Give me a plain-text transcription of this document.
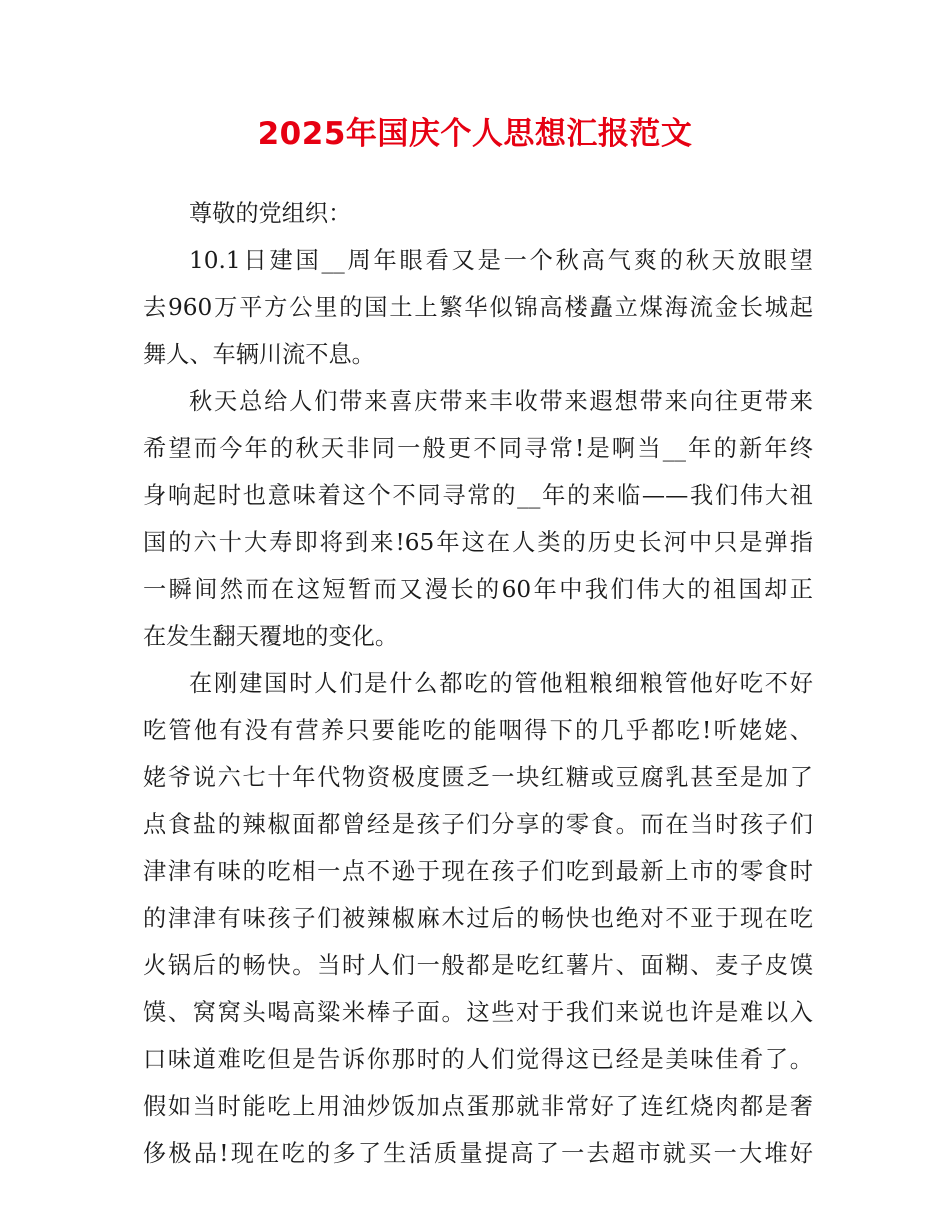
2025年国庆个人思想汇报范文
尊敬的党组织：
10.1日建国__周年眼看又是一个秋高气爽的秋天放眼望
去960万平方公里的国土上繁华似锦高楼矗立煤海流金长城起
舞人、车辆川流不息。
秋天总给人们带来喜庆带来丰收带来遐想带来向往更带来
希望而今年的秋天非同一般更不同寻常!是啊当__年的新年终
身响起时也意味着这个不同寻常的__年的来临——我们伟大祖
国的六十大寿即将到来!65年这在人类的历史长河中只是弹指
一瞬间然而在这短暂而又漫长的60年中我们伟大的祖国却正
在发生翻天覆地的变化。
在刚建国时人们是什么都吃的管他粗粮细粮管他好吃不好
吃管他有没有营养只要能吃的能咽得下的几乎都吃!听姥姥、
姥爷说六七十年代物资极度匮乏一块红糖或豆腐乳甚至是加了
点食盐的辣椒面都曾经是孩子们分享的零食。而在当时孩子们
津津有味的吃相一点不逊于现在孩子们吃到最新上市的零食时
的津津有味孩子们被辣椒麻木过后的畅快也绝对不亚于现在吃
火锅后的畅快。当时人们一般都是吃红薯片、面糊、麦子皮馍
馍、窝窝头喝高粱米棒子面。这些对于我们来说也许是难以入
口味道难吃但是告诉你那时的人们觉得这已经是美味佳肴了。
假如当时能吃上用油炒饭加点蛋那就非常好了连红烧肉都是奢
侈极品!现在吃的多了生活质量提高了一去超市就买一大堆好
